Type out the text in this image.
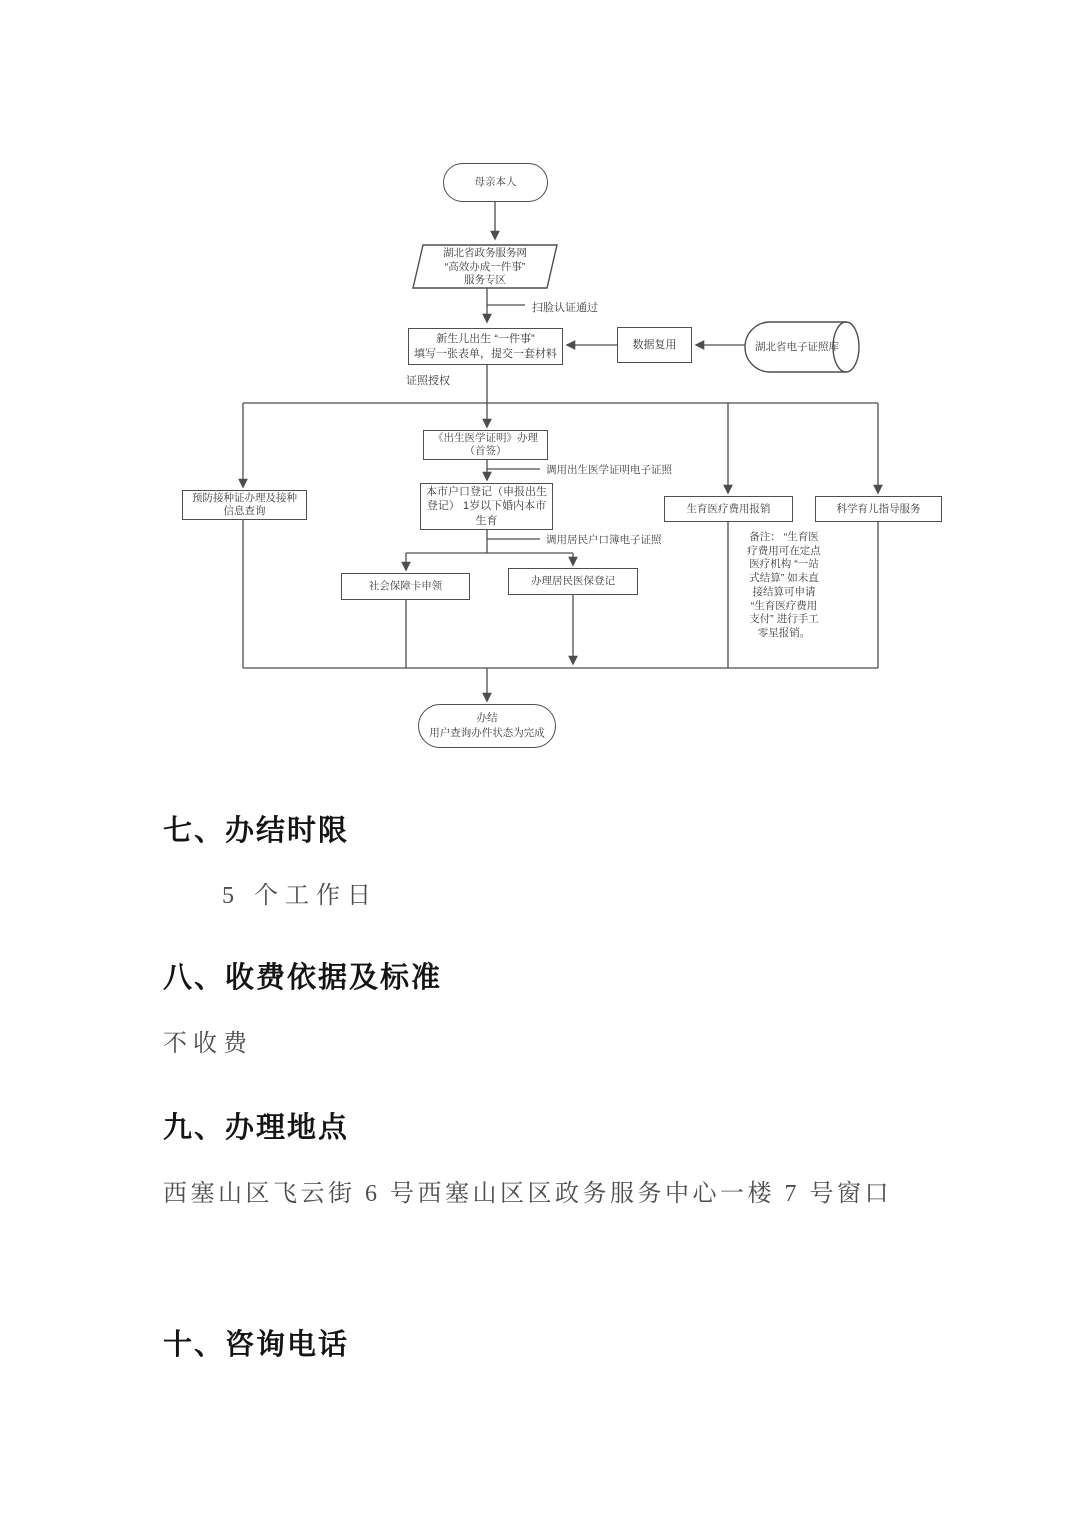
母亲本人
湖北省政务服务网
“高效办成一件事”
服务专区
新生儿出生 “一件事”
填写一张表单，提交一套材料
数据复用	湖北省电子证照库
《出生医学证明》办理
（首签）
本市户口登记（申报出生
登记） 1岁以下婚内本市
生育
预防接种证办理及接种
信息查询	生育医疗费用报销	科学育儿指导服务
社会保障卡申领	办理居民医保登记
备注： “生育医
疗费用可在定点
医疗机构 “一站
式结算” 如未直
接结算可申请
“生育医疗费用
支付” 进行手工
零星报销。
办结
用户查询办件状态为完成
扫脸认证通过
证照授权
调用出生医学证明电子证照
调用居民户口簿电子证照
七、办结时限
5 个工作日
八、收费依据及标准
不收费
九、办理地点
西塞山区飞云街 6 号西塞山区区政务服务中心一楼 7 号窗口
十、咨询电话
